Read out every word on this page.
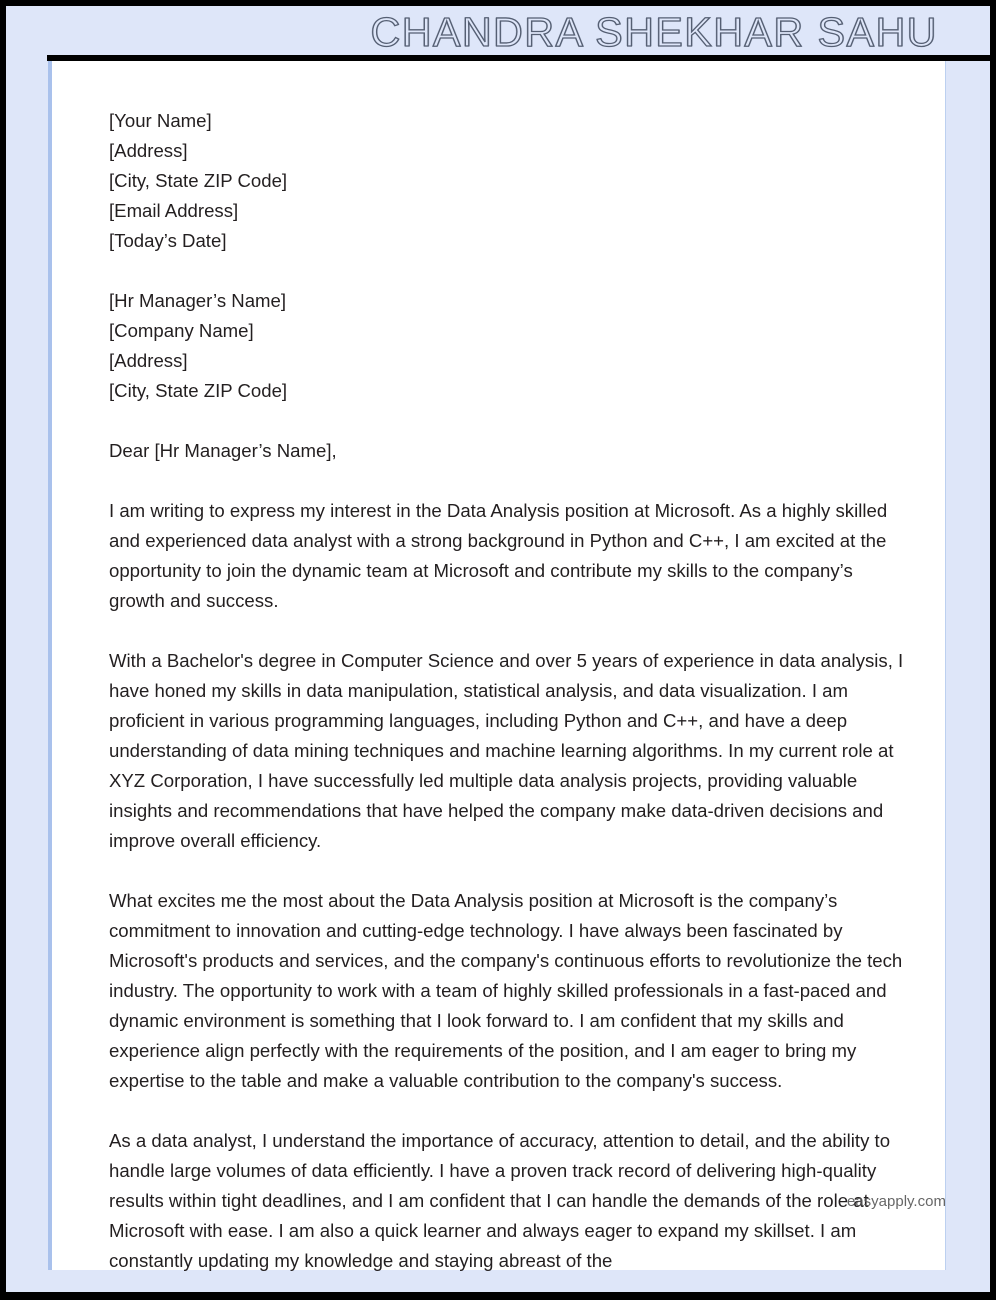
CHANDRA SHEKHAR SAHU
[Your Name]
[Address]
[City, State ZIP Code]
[Email Address]
[Today’s Date]
[Hr Manager’s Name]
[Company Name]
[Address]
[City, State ZIP Code]

Dear [Hr Manager’s Name],

I am writing to express my interest in the Data Analysis position at Microsoft. As a highly skilled and experienced data analyst with a strong background in Python and C++, I am excited at the opportunity to join the dynamic team at Microsoft and contribute my skills to the company’s growth and success.

With a Bachelor's degree in Computer Science and over 5 years of experience in data analysis, I have honed my skills in data manipulation, statistical analysis, and data visualization. I am proficient in various programming languages, including Python and C++, and have a deep understanding of data mining techniques and machine learning algorithms. In my current role at XYZ Corporation, I have successfully led multiple data analysis projects, providing valuable insights and recommendations that have helped the company make data-driven decisions and improve overall efficiency.

What excites me the most about the Data Analysis position at Microsoft is the company’s commitment to innovation and cutting-edge technology. I have always been fascinated by Microsoft's products and services, and the company's continuous efforts to revolutionize the tech industry. The opportunity to work with a team of highly skilled professionals in a fast-paced and dynamic environment is something that I look forward to. I am confident that my skills and experience align perfectly with the requirements of the position, and I am eager to bring my expertise to the table and make a valuable contribution to the company's success.

As a data analyst, I understand the importance of accuracy, attention to detail, and the ability to handle large volumes of data efficiently. I have a proven track record of delivering high-quality results within tight deadlines, and I am confident that I can handle the demands of the role at Microsoft with ease. I am also a quick learner and always eager to expand my skillset. I am constantly updating my knowledge and staying abreast of the

easyapply.com
